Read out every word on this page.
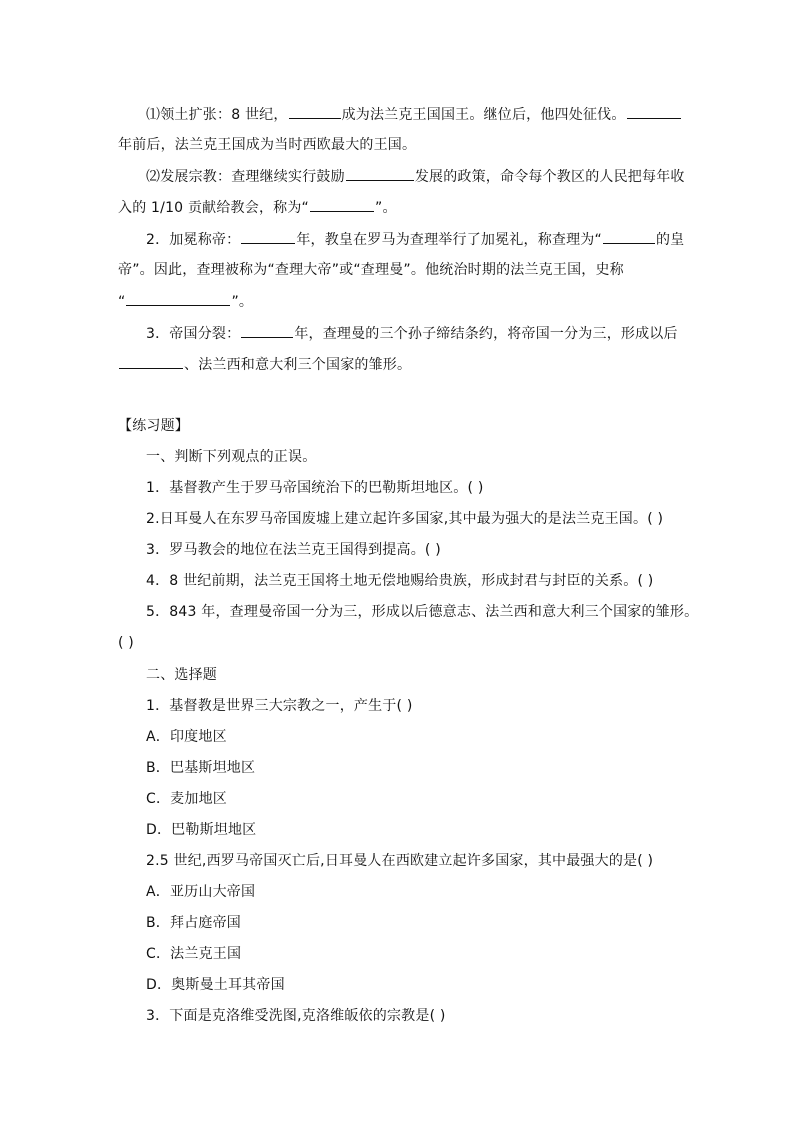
⑴领土扩张：8 世纪，	成为法兰克王国国王。继位后，他四处征伐。
年前后，法兰克王国成为当时西欧最大的王国。
⑵发展宗教：查理继续实行鼓励	发展的政策，命令每个教区的人民把每年收
入的 1/10 贡献给教会，称为“	”。
2．加冕称帝：	年，教皇在罗马为查理举行了加冕礼，称查理为“	的皇
帝”。因此，查理被称为“查理大帝”或“查理曼”。他统治时期的法兰克王国，史称
“	”。
3．帝国分裂：	年，查理曼的三个孙子缔结条约，将帝国一分为三，形成以后
、法兰西和意大利三个国家的雏形。
【练习题】
一、判断下列观点的正误。
1．基督教产生于罗马帝国统治下的巴勒斯坦地区。( )
2.日耳曼人在东罗马帝国废墟上建立起许多国家,其中最为强大的是法兰克王国。( )
3．罗马教会的地位在法兰克王国得到提高。( )
4．8 世纪前期，法兰克王国将土地无偿地赐给贵族，形成封君与封臣的关系。( )
5．843 年，查理曼帝国一分为三，形成以后德意志、法兰西和意大利三个国家的雏形。
( )
二、选择题
1．基督教是世界三大宗教之一，产生于( )
A．印度地区
B．巴基斯坦地区
C．麦加地区
D．巴勒斯坦地区
2.5 世纪,西罗马帝国灭亡后,日耳曼人在西欧建立起许多国家，其中最强大的是( )
A．亚历山大帝国
B．拜占庭帝国
C．法兰克王国
D．奥斯曼土耳其帝国
3．下面是克洛维受洗图,克洛维皈依的宗教是( )
